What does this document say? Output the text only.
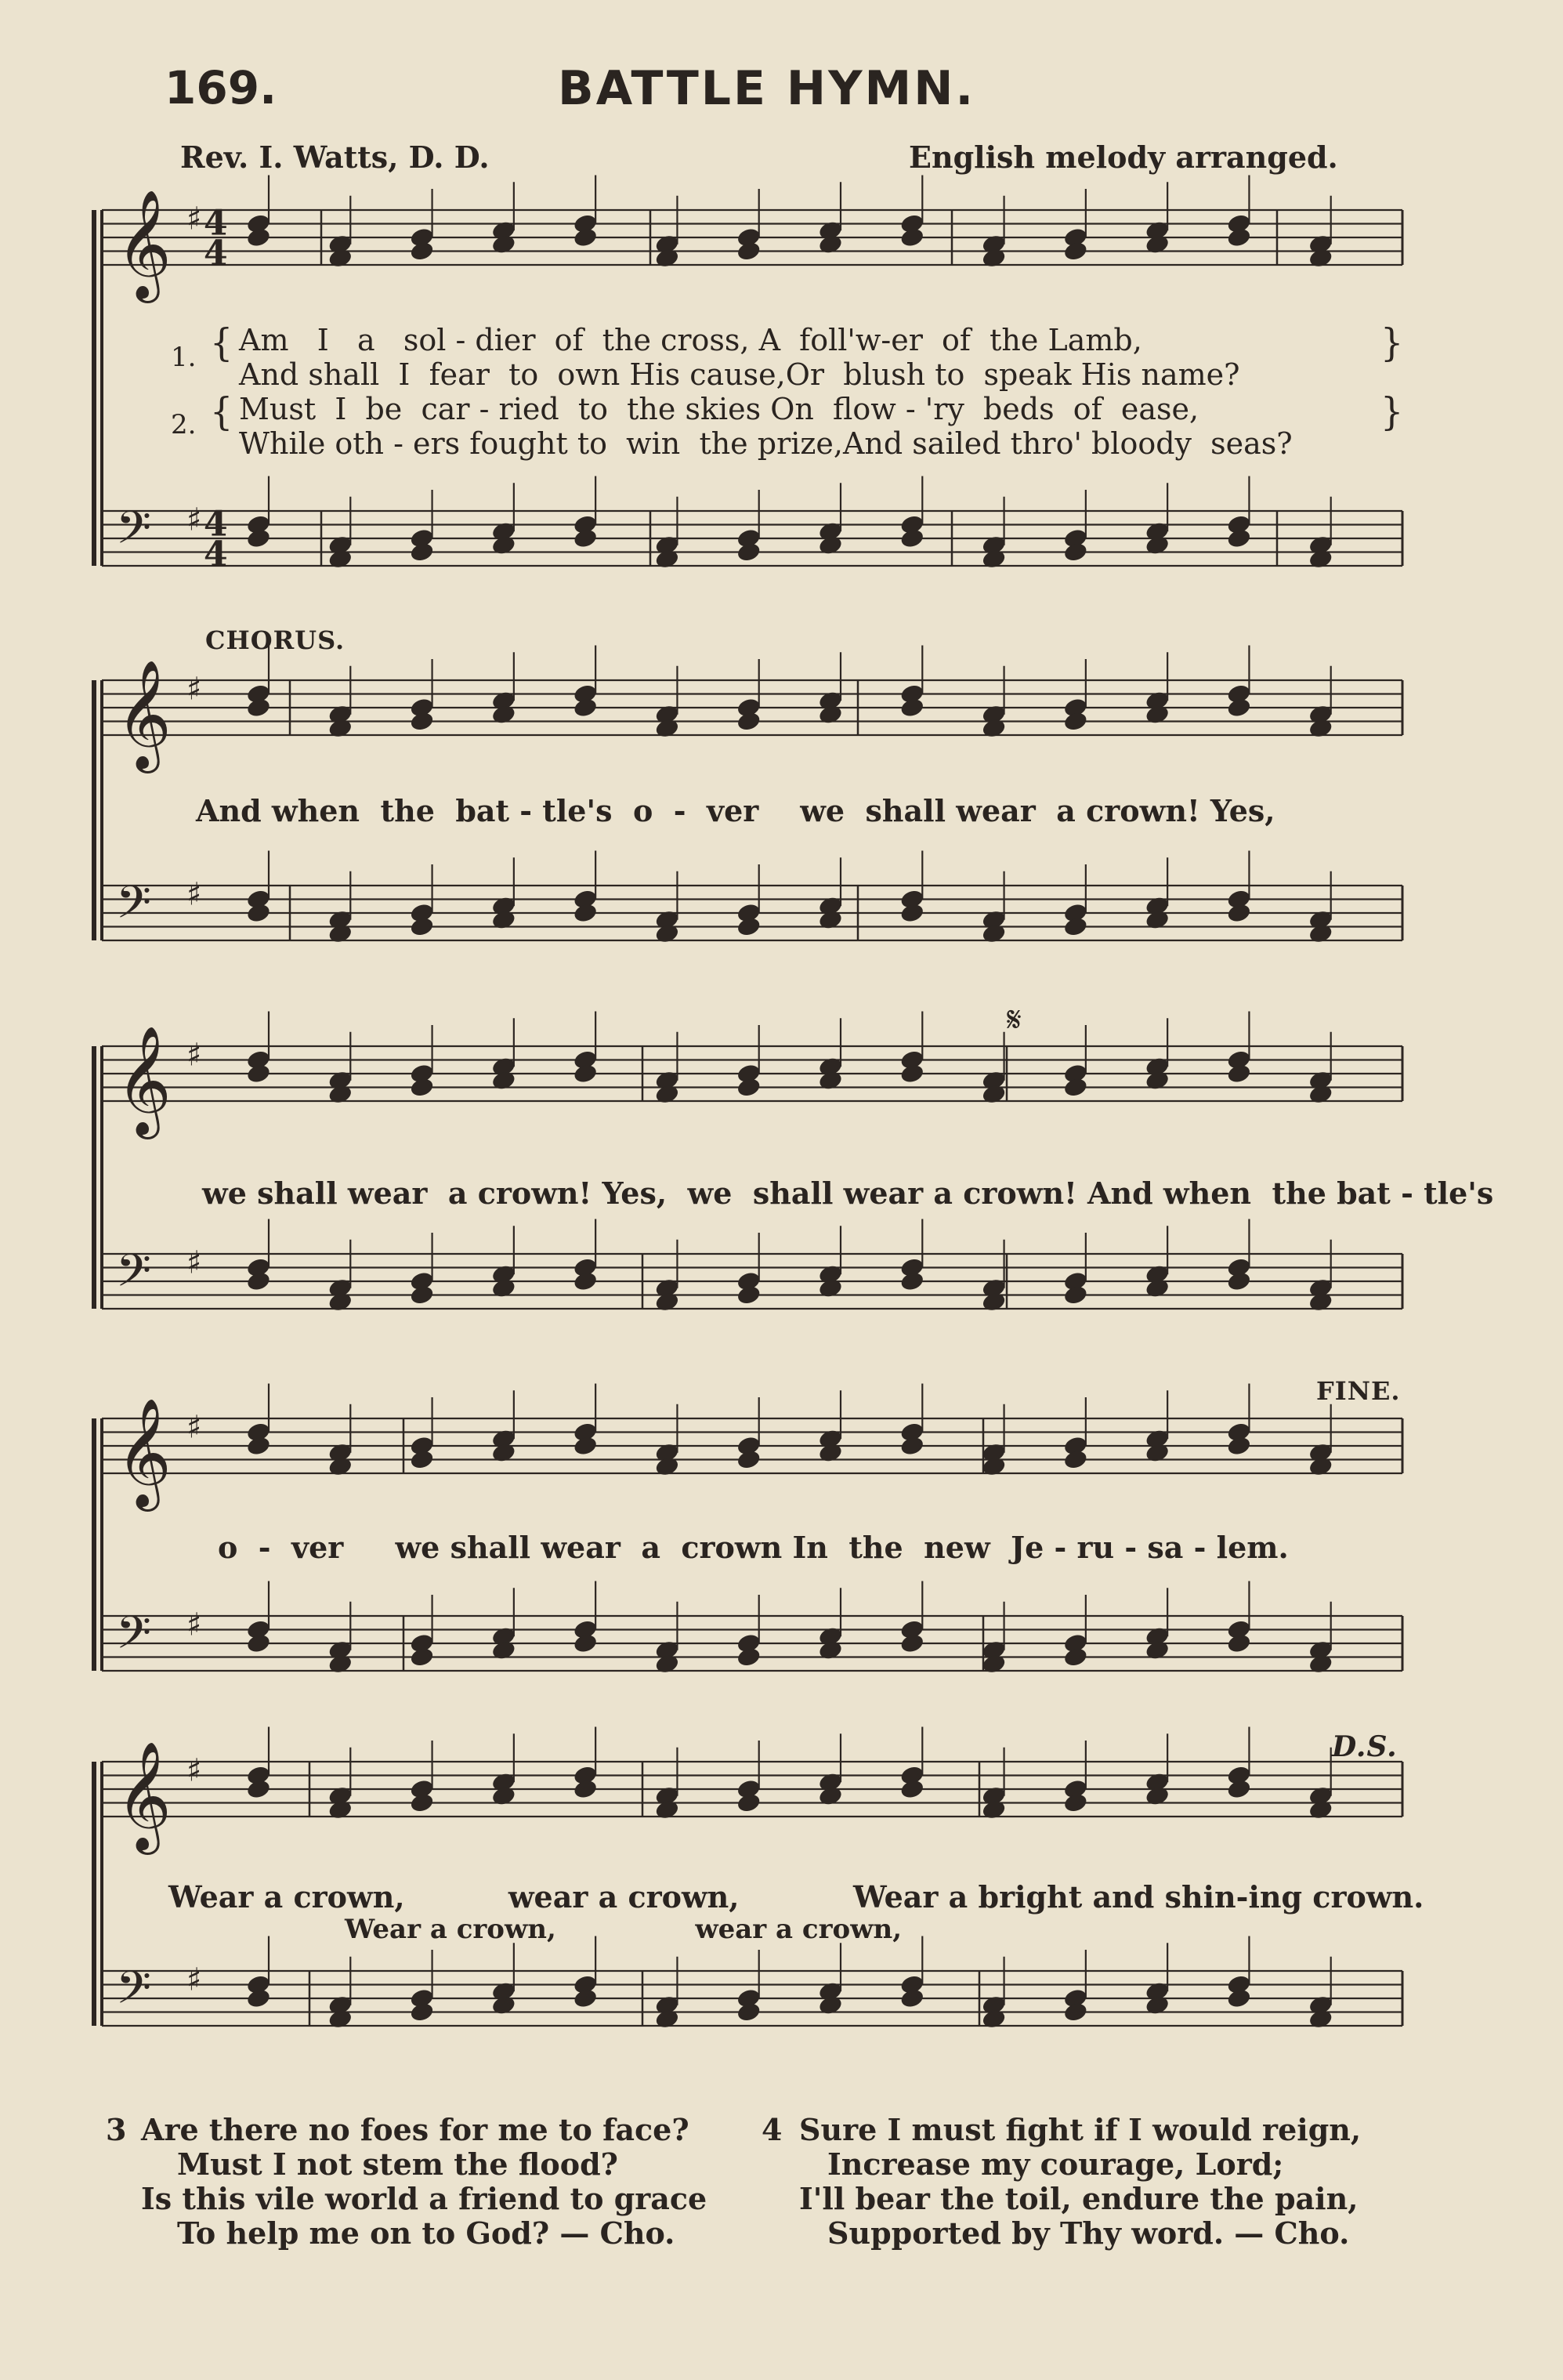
169.	BATTLE HYMN.
Rev. I. Watts, D. D.	English melody arranged.
𝄞 ♯ 4
4
𝄢 ♯ 4
4
𝄞 ♯
𝄢 ♯
𝄞 ♯
𝄢 ♯
𝄞 ♯
𝄢 ♯
𝄞 ♯
𝄢 ♯
1.
2.
{
{
}
}
Am   I   a   sol - dier  of  the cross, A  foll'w-er  of  the Lamb,
And shall  I  fear  to  own His cause,Or  blush to  speak His name?
Must  I  be  car - ried  to  the skies On  flow - 'ry  beds  of  ease,
While oth - ers fought to  win  the prize,And sailed thro' bloody  seas?
CHORUS.
And when  the  bat - tle's  o  -  ver    we  shall wear  a crown! Yes,
we shall wear  a crown! Yes,  we  shall wear a crown! And when  the bat - tle's
o  -  ver     we shall wear  a  crown In  the  new  Je - ru - sa - lem.
Wear a crown,          wear a crown,           Wear a bright and shin-ing crown.
Wear a crown,               wear a crown,
FINE.
D.S.
𝄋
3 Are there no foes for me to face?
Must I not stem the flood?
Is this vile world a friend to grace
To help me on to God? — Cho.
4 Sure I must fight if I would reign,
Increase my courage, Lord;
I'll bear the toil, endure the pain,
Supported by Thy word. — Cho.
